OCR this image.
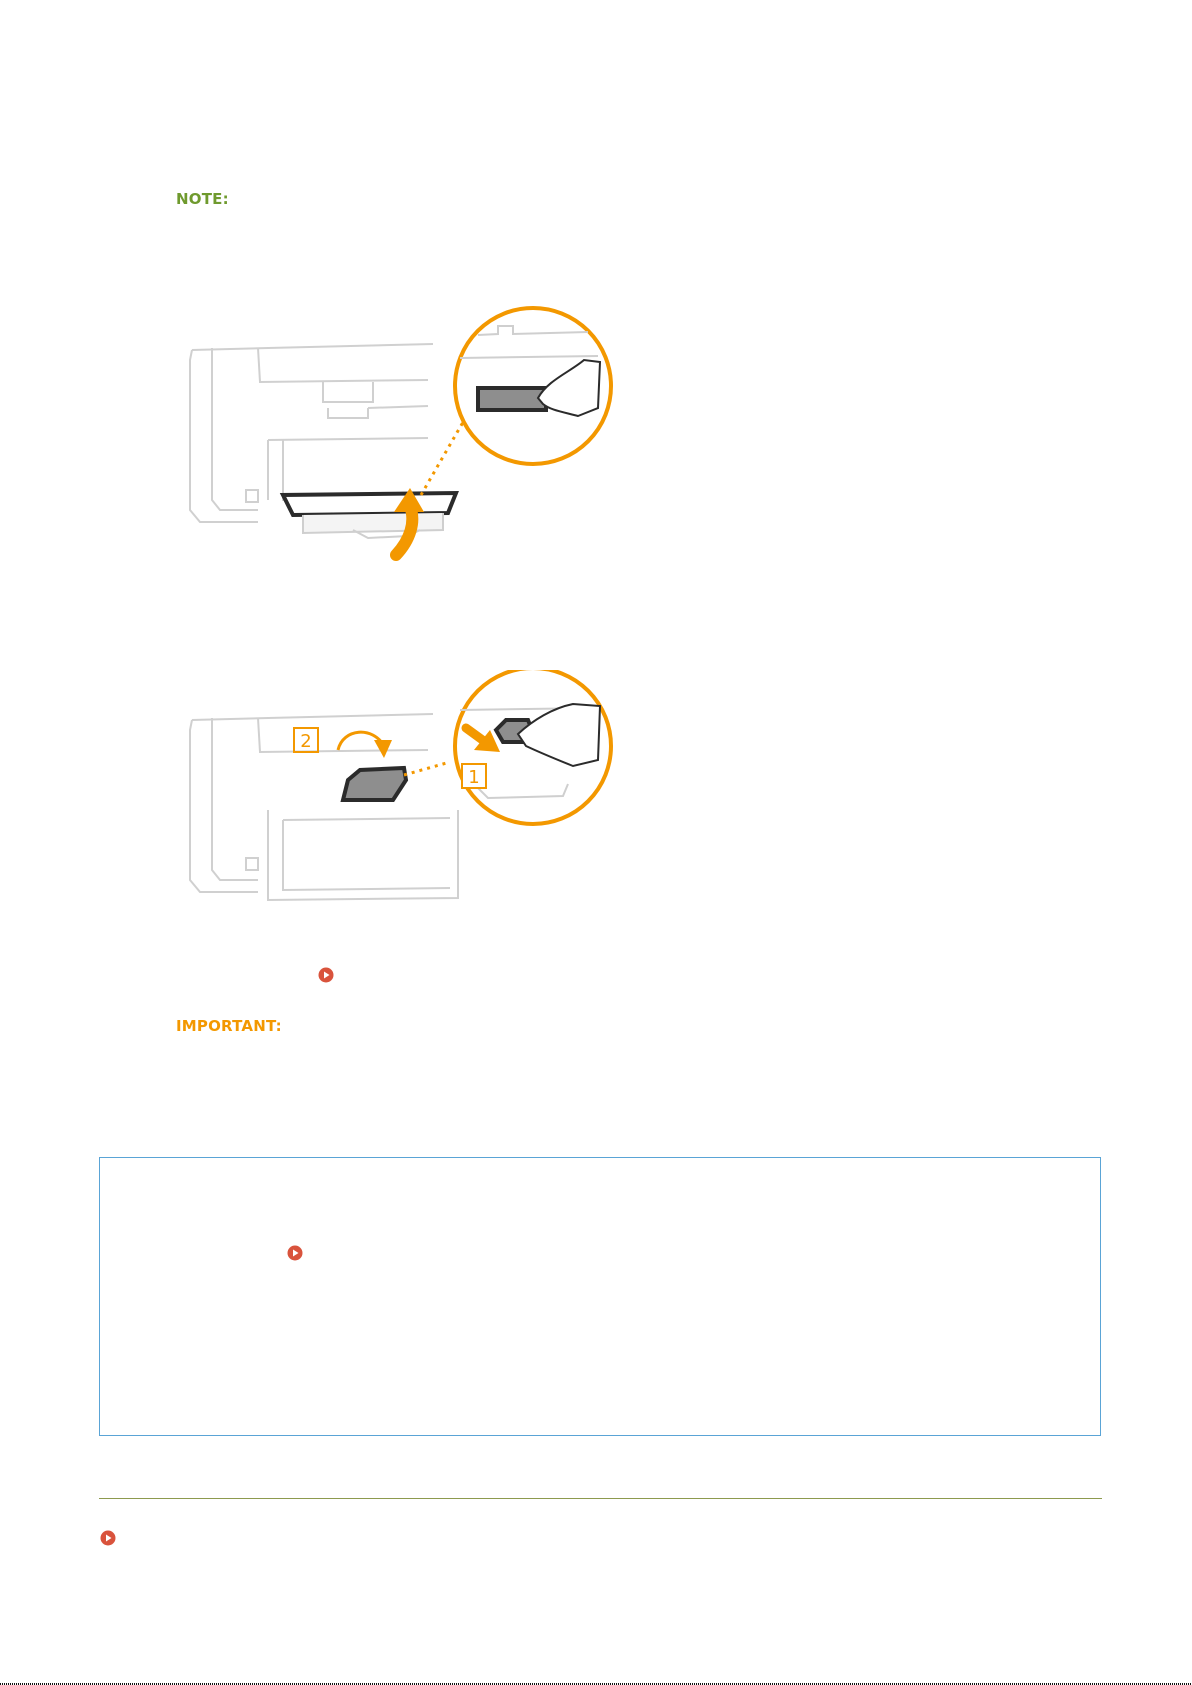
NOTE:
2
1
IMPORTANT:
